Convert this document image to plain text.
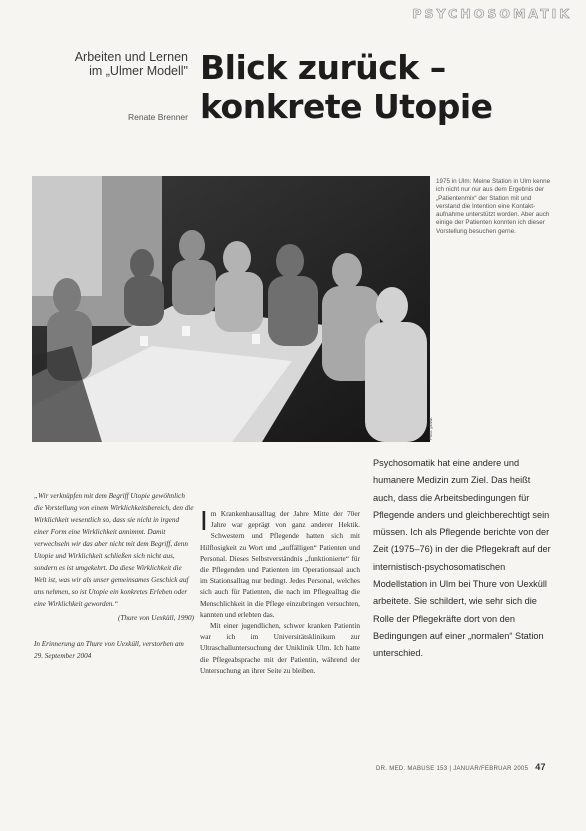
PSYCHOSOMATIK
Arbeiten und Lernen im „Ulmer Modell"
Renate Brenner
Blick zurück –
konkrete Utopie
Foto: privat
1975 in Ulm: Meine Station in Ulm kenne ich nicht nur nur aus dem Ergebnis der „Patientenmix“ der Station mit und verstand die Intention eine Kontakt-aufnahme unterstützt worden. Aber auch einige der Patienten konnten ich dieser Vorstellung besuchen gerne.
„Wir verknüpfen mit dem Begriff Utopie gewöhnlich die Vorstellung von einem Wirklichkeitsbereich, den die Wirklichkeit wesentlich so, dass sie nicht in irgend einer Form eine Wirklichkeit annimmt. Damit verwechseln wir das aber nicht mit dem Begriff, denn Utopie und Wirklichkeit schließen sich nicht aus, sondern es ist umgekehrt. Da diese Wirklichkeit die Welt ist, was wir als unser gemeinsames Geschick auf uns nehmen, so ist Utopie ein konkretes Erleben oder eine Wirklichkeit geworden.“
(Thure von Uexküll, 1990)
In Erinnerung an Thure von Uexküll, verstorben am 29. September 2004

Im Krankenhausalltag der Jahre Mitte der 70er Jahre war geprägt von ganz anderer Hektik. Schwestern und Pflegende hatten sich mit Hilflosigkeit zu Wort und „auffälligen“ Patienten und Personal. Dieses Selbstverständnis „funktionierte“ für die Pflegenden und Patienten im Operationsaal auch im Stationsalltag nur bedingt. Jedes Personal, welches sich auch für Patienten, die nach im Pflegealltag die Menschlichkeit in die Pflege einzubringen versuchten, kannten und erlebten das.

Mit einer jugendlichen, schwer kranken Patientin war ich im Universitätsklinikum zur Ultraschalluntersuchung der Uniklinik Ulm. Ich hatte die Pflegeabsprache mit der Patientin, während der Untersuchung an ihrer Seite zu bleiben.

Psychosomatik hat eine andere und humanere Medizin zum Ziel. Das heißt auch, dass die Arbeitsbedingungen für Pflegende anders und gleichberechtigt sein müssen. Ich als Pflegende berichte von der Zeit (1975–76) in der die Pflegekraft auf der internistisch-psychosomatischen Modellstation in Ulm bei Thure von Uexküll arbeitete. Sie schildert, wie sehr sich die Rolle der Pflegekräfte dort von den Bedingungen auf einer „normalen“ Station unterschied.
DR. MED. MABUSE 153 | JANUAR/FEBRUAR 2005 47
